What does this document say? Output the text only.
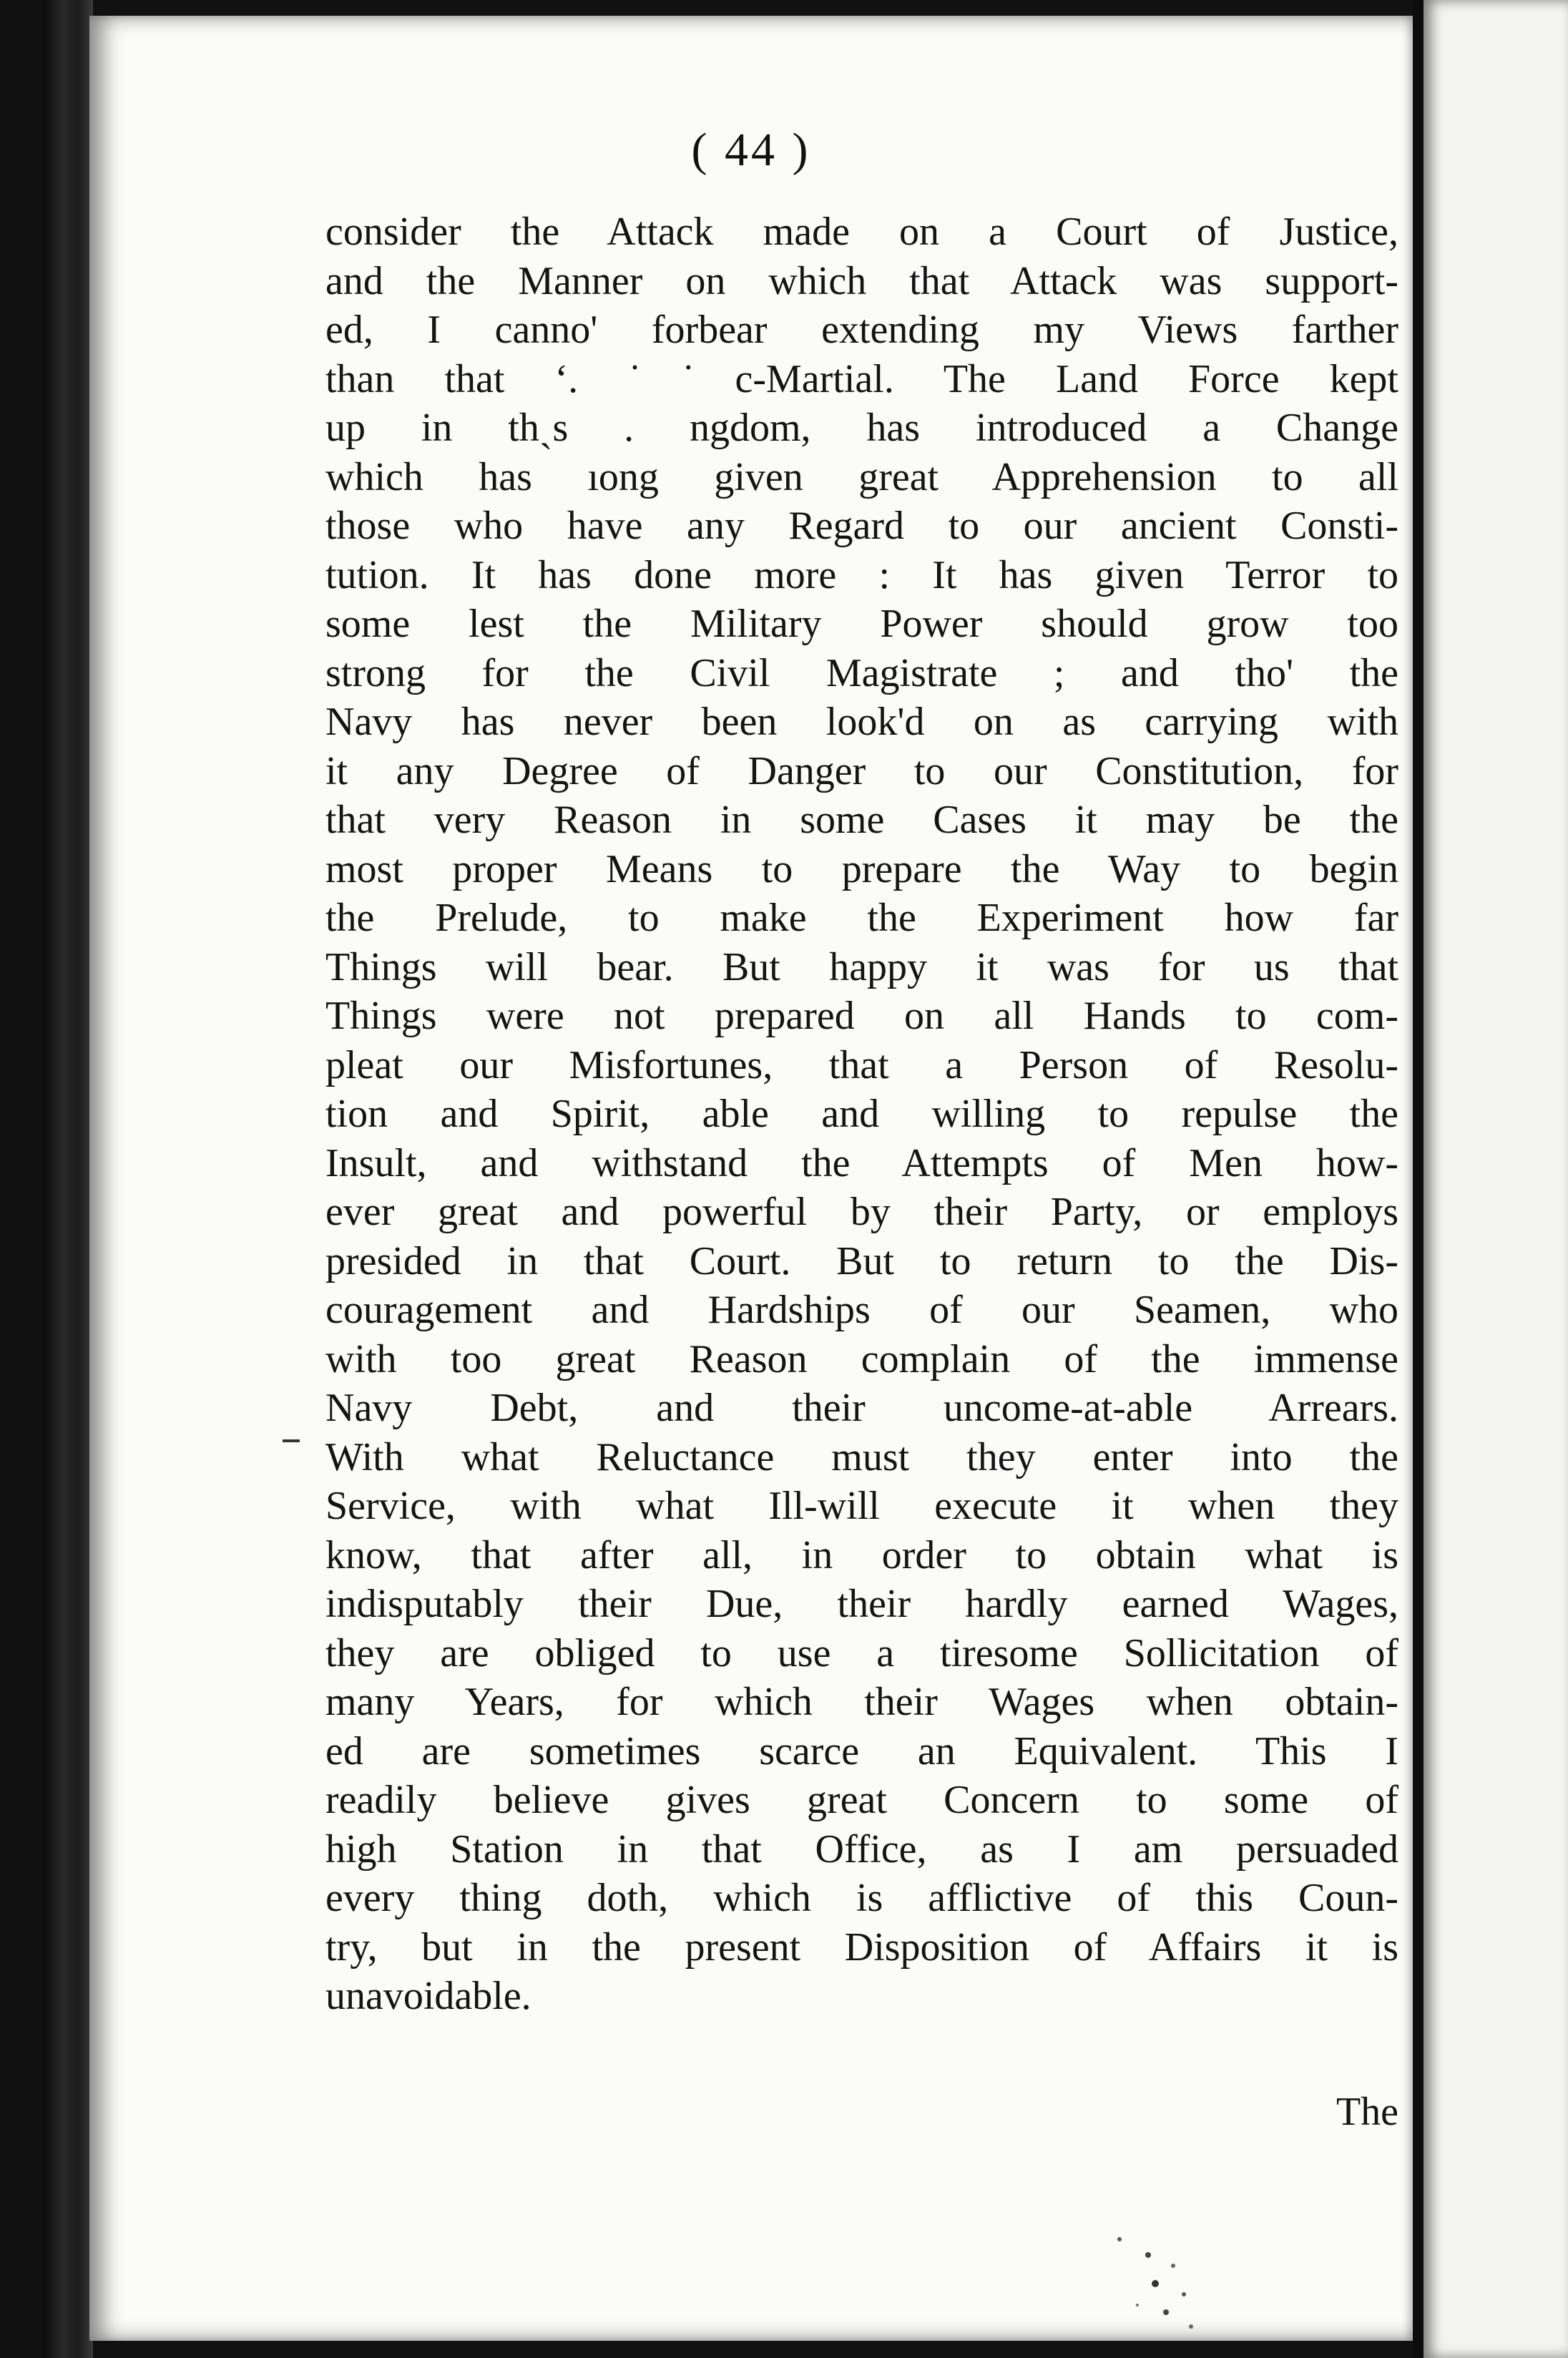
( 44 )
consider the Attack made on a Court of Justice,
and the Manner on which that Attack was support-
ed, I canno' forbear extending my Views farther
than that ʻ. ˙˙c-Martial. The Land Force kept
up in thˎs . ngdom, has introduced a Change
which has ıong given great Apprehension to all
those who have any Regard to our ancient Consti-
tution. It has done more : It has given Terror to
some lest the Military Power should grow too
strong for the Civil Magistrate ; and tho' the
Navy has never been look'd on as carrying with
it any Degree of Danger to our Constitution, for
that very Reason in some Cases it may be the
most proper Means to prepare the Way to begin
the Prelude, to make the Experiment how far
Things will bear. But happy it was for us that
Things were not prepared on all Hands to com-
pleat our Misfortunes, that a Person of Resolu-
tion and Spirit, able and willing to repulse the
Insult, and withstand the Attempts of Men how-
ever great and powerful by their Party, or employs
presided in that Court. But to return to the Dis-
couragement and Hardships of our Seamen, who
with too great Reason complain of the immense
Navy Debt, and their uncome-at-able Arrears.
With what Reluctance must they enter into the
Service, with what Ill-will execute it when they
know, that after all, in order to obtain what is
indisputably their Due, their hardly earned Wages,
they are obliged to use a tiresome Sollicitation of
many Years, for which their Wages when obtain-
ed are sometimes scarce an Equivalent. This I
readily believe gives great Concern to some of
high Station in that Office, as I am persuaded
every thing doth, which is afflictive of this Coun-
try, but in the present Disposition of Affairs it is
unavoidable.
The
